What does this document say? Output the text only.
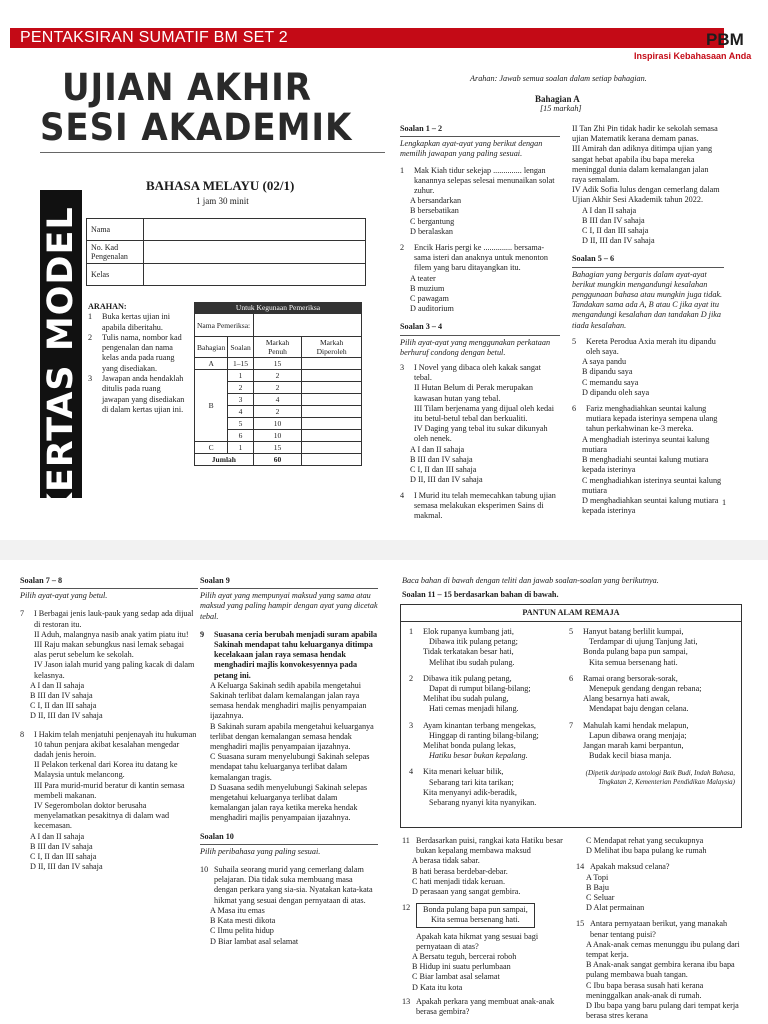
PENTAKSIRAN SUMATIF BM SET 2	PBM
Inspirasi Kebahasaan Anda
UJIAN AKHIR
SESI AKADEMIK
KERTAS MODEL 1	BAHASA MELAYU (02/1)
1 jam 30 minit
Nama	
No. Kad Pengenalan	
Kelas	
ARAHAN:
1	Buka kertas ujian ini apabila diberitahu.
2	Tulis nama, nombor kad pengenalan dan nama kelas anda pada ruang yang disediakan.
3	Jawapan anda hendaklah ditulis pada ruang jawapan yang disediakan di dalam kertas ujian ini.
Untuk Kegunaan Pemeriksa
Nama Pemeriksa:			
Bahagian	Soalan	Markah Penuh	Markah Diperoleh
A	1–15	15	
B	1	2	
	2	2	
	3	4	
	4	2	
	5	10	
	6	10	
C	1	15	
Jumlah		60	
Arahan: Jawab semua soalan dalam setiap bahagian.
Bahagian A
[15 markah]

Soalan 1 – 2

Lengkapkan ayat-ayat yang berikut dengan memilih jawapan yang paling sesuai.

1	Mak Kiah tidur sekejap .............. lengan kanannya selepas selesai menunaikan solat zuhur.

A bersandarkan

B bersebatikan

C bergantung

D beralaskan

2	Encik Haris pergi ke .............. bersama-sama isteri dan anaknya untuk menonton filem yang baru ditayangkan itu.

A teater

B muzium

C pawagam

D auditorium

Soalan 3 – 4

Pilih ayat-ayat yang menggunakan perkataan berhuruf condong dengan betul.

3	I Novel yang dibaca oleh kakak sangat tebal.

II Hutan Belum di Perak merupakan kawasan hutan yang tebal.

III Tilam berjenama yang dijual oleh kedai itu betul-betul tebal dan berkualiti.

IV Daging yang tebal itu sukar dikunyah oleh nenek.

A I dan II sahaja

B III dan IV sahaja

C I, II dan III sahaja

D II, III dan IV sahaja

4	I Murid itu telah memecahkan tabung ujian semasa melakukan eksperimen Sains di makmal.

II Tan Zhi Pin tidak hadir ke sekolah semasa ujian Matematik kerana demam panas.

III Amirah dan adiknya ditimpa ujian yang sangat hebat apabila ibu bapa mereka meninggal dunia dalam kemalangan jalan raya semalam.

IV Adik Sofia lulus dengan cemerlang dalam Ujian Akhir Sesi Akademik tahun 2022.

A I dan II sahaja

B III dan IV sahaja

C I, II dan III sahaja

D II, III dan IV sahaja

Soalan 5 – 6

Bahagian yang bergaris dalam ayat-ayat berikut mungkin mengandungi kesalahan penggunaan bahasa atau mungkin juga tidak. Tandakan sama ada A, B atau C jika ayat itu mengandungi kesalahan dan tandakan D jika tiada kesalahan.

5	Kereta Perodua Axia merah itu dipandu oleh saya.

A saya pandu

B dipandu saya

C memandu saya

D dipandu oleh saya

6	Fariz menghadiahkan seuntai kalung mutiara kepada isterinya sempena ulang tahun perkahwinan ke-3 mereka.

A menghadiah isterinya seuntai kalung mutiara

B menghadiahi seuntai kalung mutiara kepada isterinya

C menghadiahkan isterinya seuntai kalung mutiara

D menghadiahkan seuntai kalung mutiara kepada isterinya

1

Soalan 7 – 8

Pilih ayat-ayat yang betul.

7	I Berbagai jenis lauk-pauk yang sedap ada dijual di restoran itu.

II Aduh, malangnya nasib anak yatim piatu itu!

III Raju makan sebungkus nasi lemak sebagai alas perut sebelum ke sekolah.

IV Jason ialah murid yang paling kacak di dalam kelasnya.

A I dan II sahaja

B III dan IV sahaja

C I, II dan III sahaja

D II, III dan IV sahaja

8	I Hakim telah menjatuhi penjenayah itu hukuman 10 tahun penjara akibat kesalahan mengedar dadah jenis heroin.

II Pelakon terkenal dari Korea itu datang ke Malaysia untuk melancong.

III Para murid-murid beratur di kantin semasa membeli makanan.

IV Segerombolan doktor berusaha menyelamatkan pesakitnya di dalam wad kecemasan.

A I dan II sahaja

B III dan IV sahaja

C I, II dan III sahaja

D II, III dan IV sahaja

Soalan 9

Pilih ayat yang mempunyai maksud yang sama atau maksud yang paling hampir dengan ayat yang dicetak tebal.

9	Suasana ceria berubah menjadi suram apabila Sakinah mendapat tahu keluarganya ditimpa kecelakaan jalan raya semasa hendak menghadiri majlis konvokesyennya pada petang ini.

A Keluarga Sakinah sedih apabila mengetahui Sakinah terlibat dalam kemalangan jalan raya semasa hendak menghadiri majlis penyampaian ijazahnya.

B Sakinah suram apabila mengetahui keluarganya terlibat dengan kemalangan semasa hendak menghadiri majlis penyampaian ijazahnya.

C Suasana suram menyelubungi Sakinah selepas mendapat tahu keluarganya terlibat dalam kemalangan tragis.

D Suasana sedih menyelubungi Sakinah selepas mengetahui keluarganya terlibat dalam kemalangan jalan raya ketika mereka hendak menghadiri majlis penyampaian ijazahnya.

Soalan 10

Pilih peribahasa yang paling sesuai.

10 Suhaila seorang murid yang cemerlang dalam pelajaran. Dia tidak suka membuang masa dengan perkara yang sia-sia. Nyatakan kata-kata hikmat yang sesuai dengan pernyataan di atas.

A Masa itu emas

B Kata mesti dikota

C Ilmu pelita hidup

D Biar lambat asal selamat

Baca bahan di bawah dengan teliti dan jawab soalan-soalan yang berikutnya.
Soalan 11 – 15 berdasarkan bahan di bawah.
PANTUN ALAM REMAJA
1	Elok rupanya kumbang jati,

Dibawa itik pulang petang;

Tidak terkatakan besar hati,

Melihat ibu sudah pulang.

2	Dibawa itik pulang petang,

Dapat di rumput bilang-bilang;

Melihat ibu sudah pulang,

Hati cemas menjadi hilang.

3	Ayam kinantan terbang mengekas,

Hinggap di ranting bilang-bilang;

Melihat bonda pulang lekas,

Hatiku besar bukan kepalang.

4	Kita menari keluar bilik,

Sebarang tari kita tarikan;

Kita menyanyi adik-beradik,

Sebarang nyanyi kita nyanyikan.

5	Hanyut batang berlilit kumpai,

Terdampar di ujung Tanjung Jati,

Bonda pulang bapa pun sampai,

Kita semua bersenang hati.

6	Ramai orang bersorak-sorak,

Menepuk gendang dengan rebana;

Alang besarnya hati awak,

Mendapat baju dengan celana.

7	Mahulah kami hendak melapun,

Lapun dibawa orang menjaja;

Jangan marah kami berpantun,

Budak kecil biasa manja.

(Dipetik daripada antologi Baik Budi, Indah Bahasa, Tingkatan 2, Kementerian Pendidikan Malaysia)

11 Berdasarkan puisi, rangkai kata Hatiku besar bukan kepalang membawa maksud

A berasa tidak sabar.

B hati berasa berdebar-debar.

C hati menjadi tidak keruan.

D perasaan yang sangat gembira.

12	Bonda pulang bapa pun sampai,

Kita semua bersenang hati.

Apakah kata hikmat yang sesuai bagi pernyataan di atas?

A Bersatu teguh, bercerai roboh

B Hidup ini suatu perlumbaan

C Biar lambat asal selamat

D Kata itu kota

13 Apakah perkara yang membuat anak-anak berasa gembira?

C Mendapat rehat yang secukupnya

D Melihat ibu bapa pulang ke rumah

14 Apakah maksud celana?

A Topi

B Baju

C Seluar

D Alat permainan

15 Antara pernyataan berikut, yang manakah benar tentang puisi?

A Anak-anak cemas menunggu ibu pulang dari tempat kerja.

B Anak-anak sangat gembira kerana ibu bapa pulang membawa buah tangan.

C Ibu bapa berasa susah hati kerana meninggalkan anak-anak di rumah.

D Ibu bapa yang baru pulang dari tempat kerja berasa stres kerana
